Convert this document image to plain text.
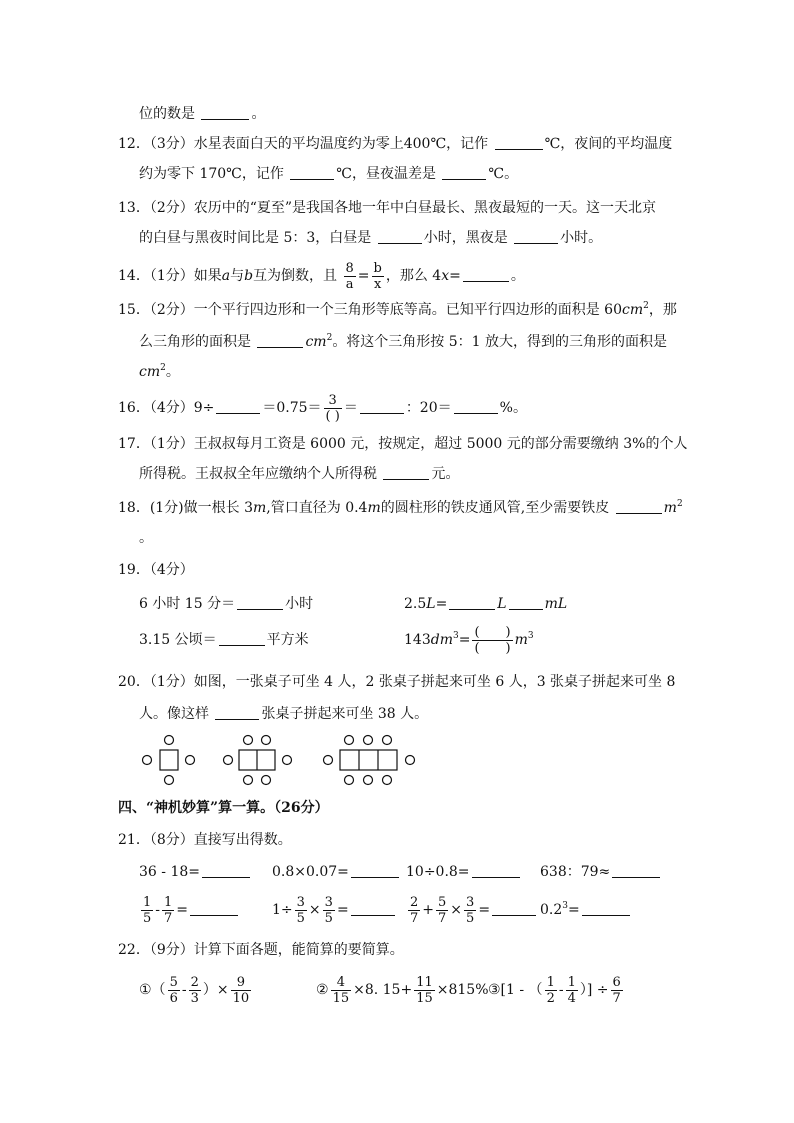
位的数是	。
12．（3分）水星表面白天的平均温度约为零上400℃，记作	℃，夜间的平均温度
约为零下 170℃，记作	℃，昼夜温差是	℃。
13．（2分）农历中的“夏至”是我国各地一年中白昼最长、黑夜最短的一天。这一天北京
的白昼与黑夜时间比是 5：3，白昼是	小时，黑夜是	小时。
14．（1分）如果a与b互为倒数，且 $\frac{8}{a} = \frac{b}{x}$ ，那么 4x=	。
15．（2分）一个平行四边形和一个三角形等底等高。已知平行四边形的面积是 $60cm^2$，那
么三角形的面积是	$cm^2$。将这个三角形按 5：1 放大，得到的三角形的面积是
$cm^2$。
16．（4分）9÷	$=0.75= \frac{3}{( )}$ ＝	：20＝	%。
17．（1分）王叔叔每月工资是 6000 元，按规定，超过 5000 元的部分需要缴纳 3%的个人
所得税。王叔叔全年应缴纳个人所得税	元。
18．(1分)做一根长 3m,管口直径为 0.4m的圆柱形的铁皮通风管,至少需要铁皮	$m^2$
。
19．（4分）
6 小时 15 分＝	小时	2.5L=	L	mL
3.15 公顷＝	平方米	$143dm^3= \frac{( )}{( )} m^3$
20．（1分）如图，一张桌子可坐 4 人，2 张桌子拼起来可坐 6 人，3 张桌子拼起来可坐 8
人。像这样	张桌子拼起来可坐 38 人。
四、“神机妙算”算一算。（26分）
21．（8分）直接写出得数。
36 - 18=	0.8×0.07=	10÷0.8=	638：79≈
$\frac{1}{5} - \frac{1}{7}$ =	$1\div \frac{3}{5} \times \frac{3}{5}$ =	$\frac{2}{7} + \frac{5}{7} \times \frac{3}{5}$ =	$0.2^3=$
22．（9分）计算下面各题，能简算的要简算。
①（ $\frac{5}{6} - \frac{2}{3}$ ）× $\frac{9}{10}$	② $\frac{4}{15} \times 8$. $15+ \frac{11}{15} \times 815\%$ ③[1 - （ $\frac{1}{2} - \frac{1}{4}$ ）] ÷ $\frac{6}{7}$
